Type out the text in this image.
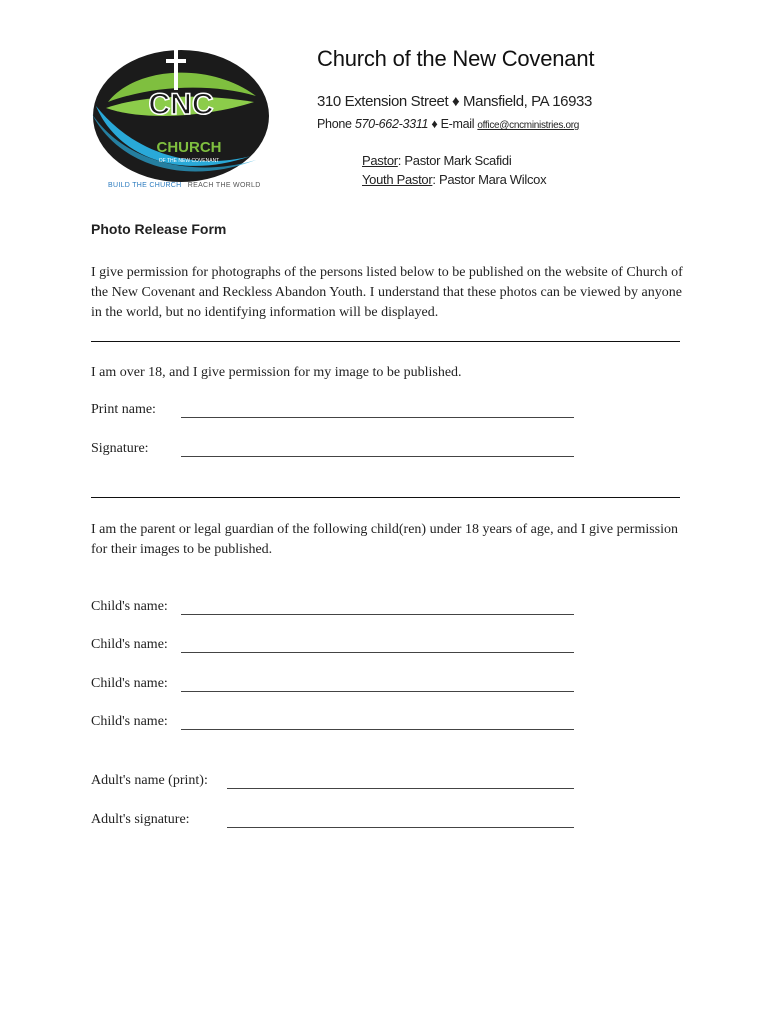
CNC
CHURCH
OF THE NEW COVENANT
BUILD THE CHURCH REACH THE WORLD
Church of the New Covenant
310 Extension Street ♦ Mansfield, PA 16933
Phone 570-662-3311 ♦ E-mail office@cncministries.org
Pastor: Pastor Mark Scafidi
Youth Pastor: Pastor Mara Wilcox
Photo Release Form
I give permission for photographs of the persons listed below to be published on the website of Church of the New Covenant and Reckless Abandon Youth. I understand that these photos can be viewed by anyone in the world, but no identifying information will be displayed.
I am over 18, and I give permission for my image to be published.
Print name:
Signature:
I am the parent or legal guardian of the following child(ren) under 18 years of age, and I give permission for their images to be published.
Child's name:
Child's name:
Child's name:
Child's name:
Adult's name (print):
Adult's signature:
